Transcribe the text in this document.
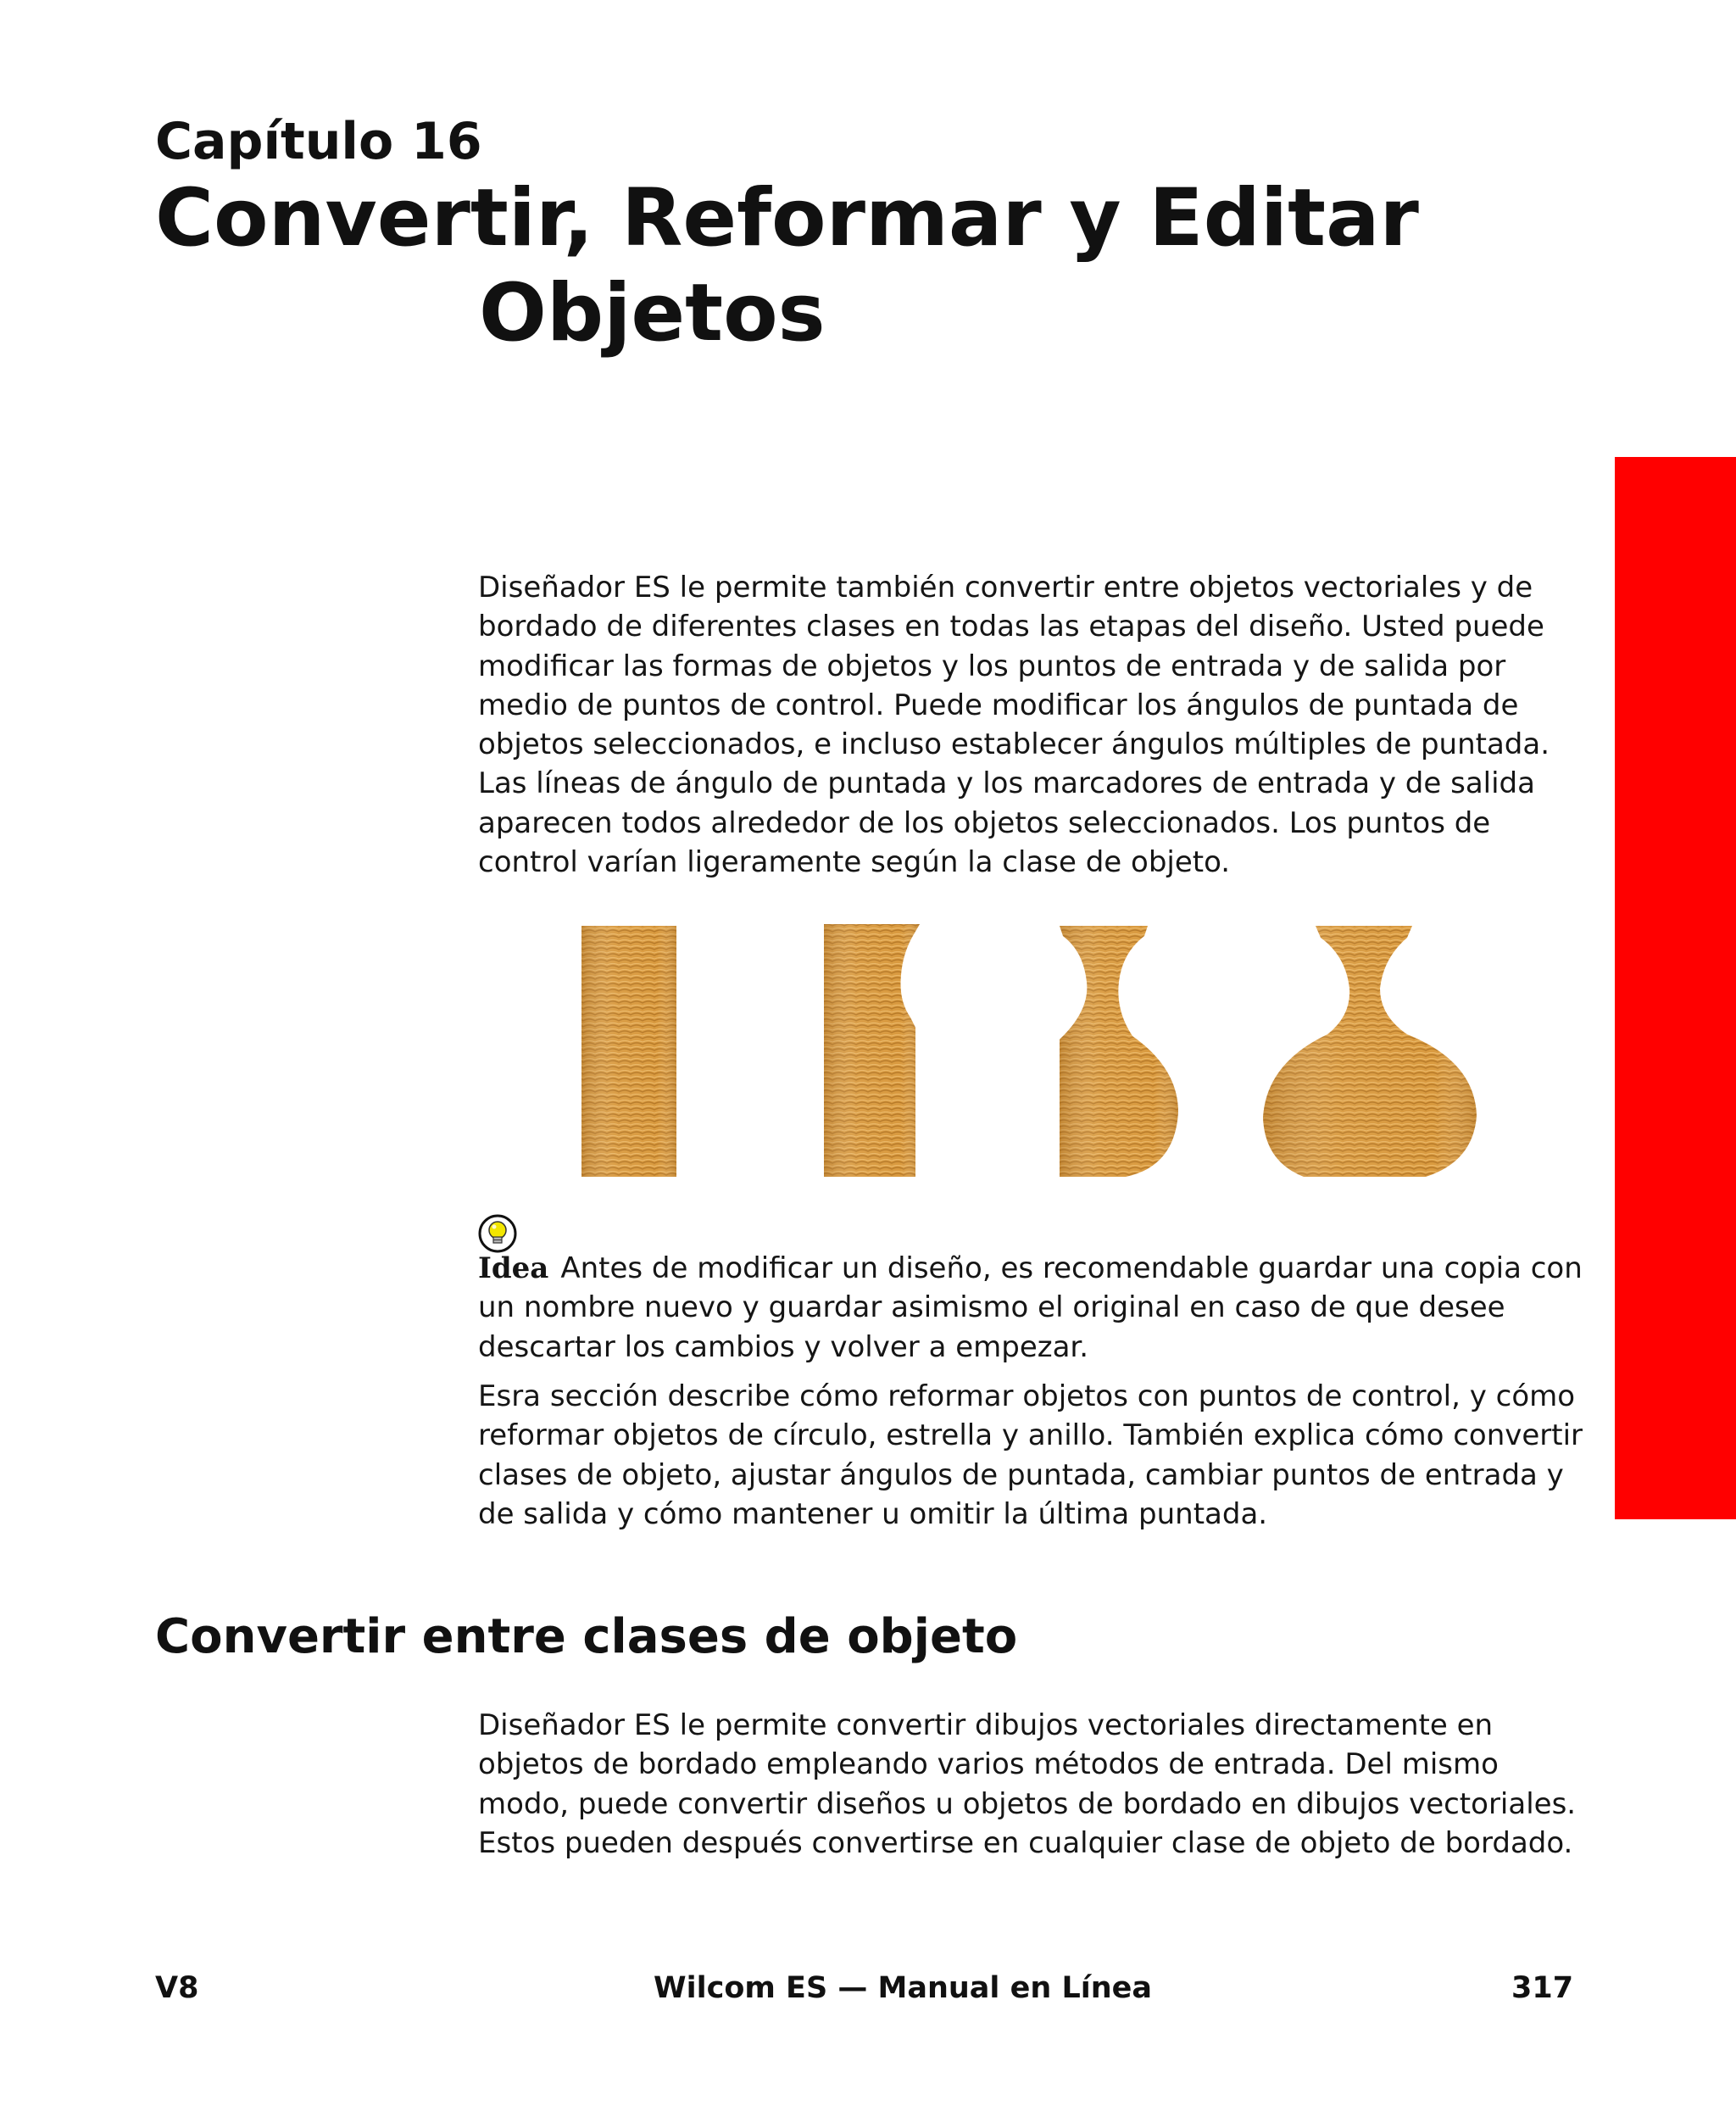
Capítulo 16
Convertir, Reformar y Editar
Objetos

Diseñador ES le permite también convertir entre objetos vectoriales y de bordado de diferentes clases en todas las etapas del diseño. Usted puede modificar las formas de objetos y los puntos de entrada y de salida por medio de puntos de control. Puede modificar los ángulos de puntada de objetos seleccionados, e incluso establecer ángulos múltiples de puntada. Las líneas de ángulo de puntada y los marcadores de entrada y de salida aparecen todos alrededor de los objetos seleccionados. Los puntos de control varían ligeramente según la clase de objeto.

Idea Antes de modificar un diseño, es recomendable guardar una copia con un nombre nuevo y guardar asimismo el original en caso de que desee descartar los cambios y volver a empezar.

Esra sección describe cómo reformar objetos con puntos de control, y cómo reformar objetos de círculo, estrella y anillo. También explica cómo convertir clases de objeto, ajustar ángulos de puntada, cambiar puntos de entrada y de salida y cómo mantener u omitir la última puntada.

Convertir entre clases de objeto

Diseñador ES le permite convertir dibujos vectoriales directamente en objetos de bordado empleando varios métodos de entrada. Del mismo modo, puede convertir diseños u objetos de bordado en dibujos vectoriales. Estos pueden después convertirse en cualquier clase de objeto de bordado.

V8	Wilcom ES — Manual en Línea	317
